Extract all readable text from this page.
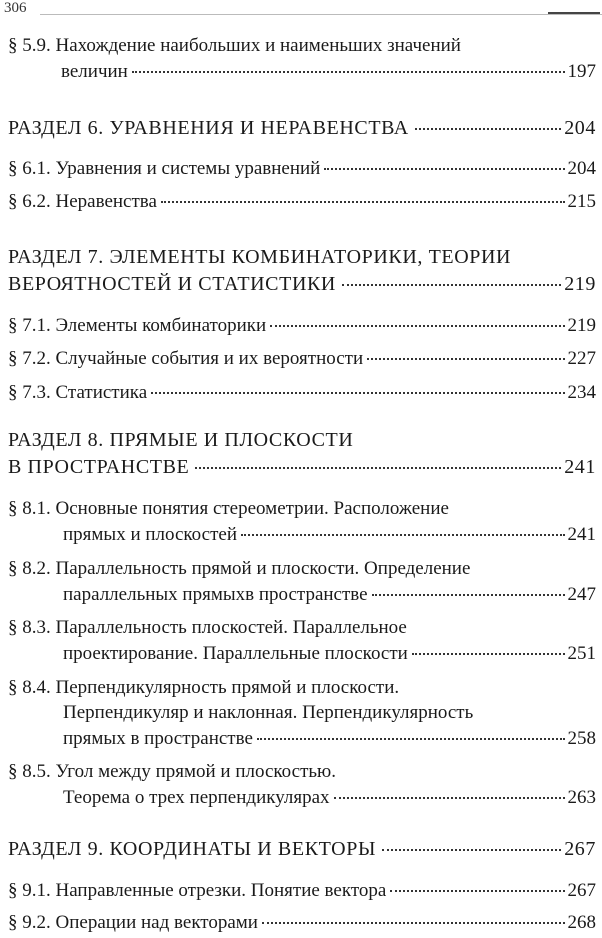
306
§ 5.9. Нахождение наибольших и наименьших значений
величин	197
РАЗДЕЛ 6. УРАВНЕНИЯ И НЕРАВЕНСТВА	204
§ 6.1. Уравнения и системы уравнений	204
§ 6.2. Неравенства	215
РАЗДЕЛ 7. ЭЛЕМЕНТЫ КОМБИНАТОРИКИ, ТЕОРИИ
ВЕРОЯТНОСТЕЙ И СТАТИСТИКИ	219
§ 7.1. Элементы комбинаторики	219
§ 7.2. Случайные события и их вероятности	227
§ 7.3. Статистика	234
РАЗДЕЛ 8. ПРЯМЫЕ И ПЛОСКОСТИ
В ПРОСТРАНСТВЕ	241
§ 8.1. Основные понятия стереометрии. Расположение
прямых и плоскостей	241
§ 8.2. Параллельность прямой и плоскости. Определение
параллельных прямыхв пространстве	247
§ 8.3. Параллельность плоскостей. Параллельное
проектирование. Параллельные плоскости	251
§ 8.4. Перпендикулярность прямой и плоскости.
Перпендикуляр и наклонная. Перпендикулярность
прямых в пространстве	258
§ 8.5. Угол между прямой и плоскостью.
Теорема о трех перпендикулярах	263
РАЗДЕЛ 9. КООРДИНАТЫ И ВЕКТОРЫ	267
§ 9.1. Направленные отрезки. Понятие вектора	267
§ 9.2. Операции над векторами	268
